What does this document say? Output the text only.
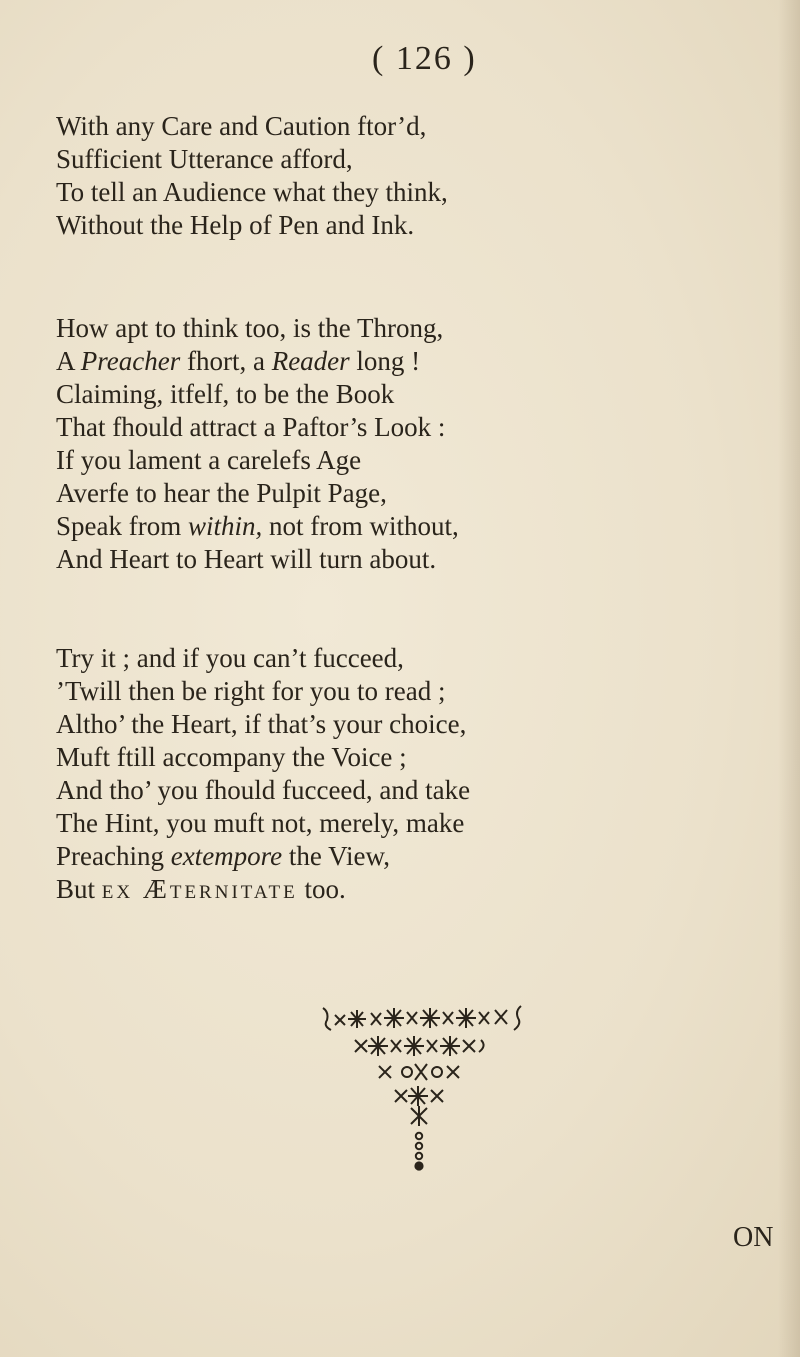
( 126 )
With any Care and Caution ftor’d,
Sufficient Utterance afford,
To tell an Audience what they think,
Without the Help of Pen and Ink.
How apt to think too, is the Throng,
A Preacher fhort, a Reader long !
Claiming, itfelf, to be the Book
That fhould attract a Paftor’s Look :
If you lament a carelefs Age
Averfe to hear the Pulpit Page,
Speak from within, not from without,
And Heart to Heart will turn about.
Try it ; and if you can’t fucceed,
’Twill then be right for you to read ;
Altho’ the Heart, if that’s your choice,
Muft ftill accompany the Voice ;
And tho’ you fhould fucceed, and take
The Hint, you muft not, merely, make
Preaching extempore the View,
But ex Æternitate too.
ON
